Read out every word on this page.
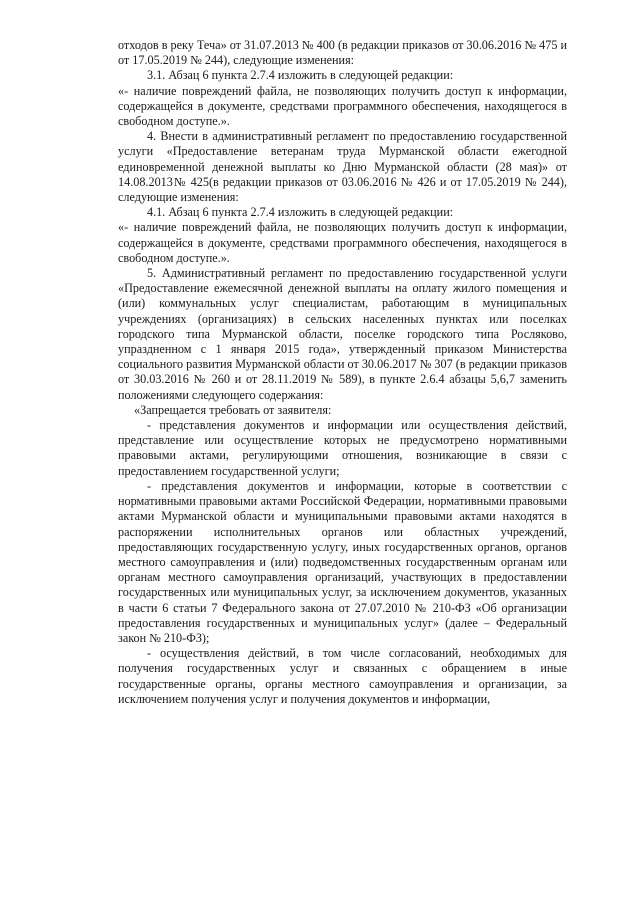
отходов в реку Теча» от 31.07.2013 № 400 (в редакции приказов от 30.06.2016 № 475 и от 17.05.2019 № 244), следующие изменения:

3.1. Абзац 6 пункта 2.7.4 изложить в следующей редакции:

«- наличие повреждений файла, не позволяющих получить доступ к информации, содержащейся в документе, средствами программного обеспечения, находящегося в свободном доступе.».

4. Внести в административный регламент по предоставлению государственной услуги «Предоставление ветеранам труда Мурманской области ежегодной единовременной денежной выплаты ко Дню Мурманской области (28 мая)» от 14.08.2013№ 425(в редакции приказов от 03.06.2016 № 426 и от 17.05.2019 № 244), следующие изменения:

4.1. Абзац 6 пункта 2.7.4 изложить в следующей редакции:

«- наличие повреждений файла, не позволяющих получить доступ к информации, содержащейся в документе, средствами программного обеспечения, находящегося в свободном доступе.».

5. Административный регламент по предоставлению государственной услуги «Предоставление ежемесячной денежной выплаты на оплату жилого помещения и (или) коммунальных услуг специалистам, работающим в муниципальных учреждениях (организациях) в сельских населенных пунктах или поселках городского типа Мурманской области, поселке городского типа Росляково, упраздненном с 1 января 2015 года», утвержденный приказом Министерства социального развития Мурманской области от 30.06.2017 № 307 (в редакции приказов от 30.03.2016 № 260 и от 28.11.2019 № 589), в пункте 2.6.4 абзацы 5,6,7 заменить положениями следующего содержания:

«Запрещается требовать от заявителя:

- представления документов и информации или осуществления действий, представление или осуществление которых не предусмотрено нормативными правовыми актами, регулирующими отношения, возникающие в связи с предоставлением государственной услуги;

- представления документов и информации, которые в соответствии с нормативными правовыми актами Российской Федерации, нормативными правовыми актами Мурманской области и муниципальными правовыми актами находятся в распоряжении исполнительных органов или областных учреждений, предоставляющих государственную услугу, иных государственных органов, органов местного самоуправления и (или) подведомственных государственным органам или органам местного самоуправления организаций, участвующих в предоставлении государственных или муниципальных услуг, за исключением документов, указанных в части 6 статьи 7 Федерального закона от 27.07.2010 № 210-ФЗ «Об организации предоставления государственных и муниципальных услуг» (далее – Федеральный закон № 210-ФЗ);

- осуществления действий, в том числе согласований, необходимых для получения государственных услуг и связанных с обращением в иные государственные органы, органы местного самоуправления и организации, за исключением получения услуг и получения документов и информации,
